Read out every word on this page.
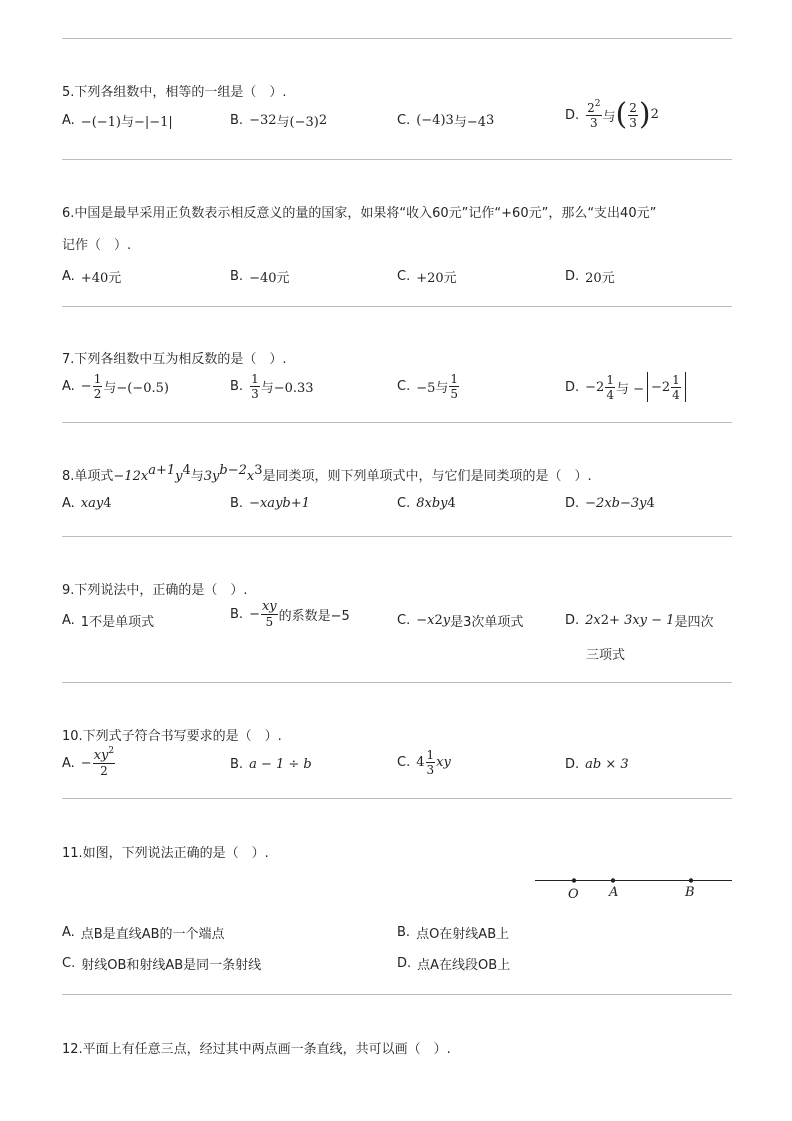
5.下列各组数中，相等的一组是（　）.
A. −(−1)与−|−1|	B. −3 2 与(−3) 2	C. (−4) 3 与−4 3	D. $\frac{2^2}{3}$ 与 ( $\frac{2}{3}$ ) 2
6.中国是最早采用正负数表示相反意义的量的国家，如果将“收入60元”记作“+60元”，那么“支出40元”
记作（　）.
A. +40元	B. −40元	C. +20元	D. 20元
7.下列各组数中互为相反数的是（　）.
A. − $\frac{1}{2}$ 与−(−0.5)	B. $\frac{1}{3}$ 与−0.33	C. −5与 $\frac{1}{5}$	D. $-2 \frac{1}{4}$ 与 − $-2 \frac{1}{4}$
8.单项式$-12x^{a+1}y^4$与$3y^{b-2}x^3$是同类项，则下列单项式中，与它们是同类项的是（　）.
A. x a y 4	B. −x a y b+1	C. 8x b y 4	D. −2x b−3 y 4
9.下列说法中，正确的是（　）.
A. 1不是单项式
B. − $\frac{xy}{5}$ 的系数是−5	C. −x 2 y 是3次单项式	D. 2x 2 + 3xy − 1 是四次
三项式
10.下列式子符合书写要求的是（　）.
A. − $\frac{xy^2}{2}$	B. a − 1 ÷ b	C. $4 \frac{1}{3}$ xy	D. ab × 3
11.如图，下列说法正确的是（　）.
O A	B
A. 点B是直线AB的一个端点	B. 点O在射线AB上
C. 射线OB和射线AB是同一条射线	D. 点A在线段OB上
12.平面上有任意三点，经过其中两点画一条直线，共可以画（　）.
